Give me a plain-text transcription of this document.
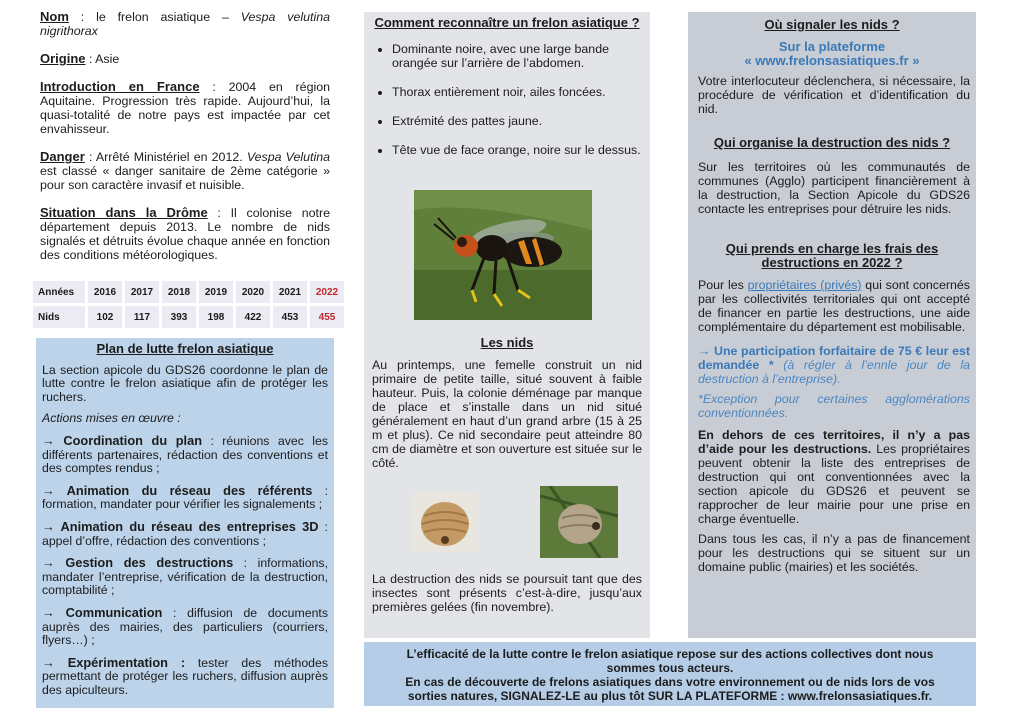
Nom : le frelon asiatique – Vespa velutina nigrithorax
Origine : Asie
Introduction en France : 2004 en région Aquitaine. Progression très rapide. Aujourd’hui, la quasi-totalité de notre pays est impactée par cet envahisseur.
Danger : Arrêté Ministériel en 2012. Vespa Velutina est classé « danger sanitaire de 2ème catégorie » pour son caractère invasif et nuisible.
Situation dans la Drôme : Il colonise notre département depuis 2013. Le nombre de nids signalés et détruits évolue chaque année en fonction des conditions météorologiques.
Années	2016	2017	2018	2019	2020	2021	2022
Nids	102	117	393	198	422	453	455
Plan de lutte frelon asiatique

La section apicole du GDS26 coordonne le plan de lutte contre le frelon asiatique afin de protéger les ruchers.

Actions mises en œuvre :

→ Coordination du plan : réunions avec les différents partenaires, rédaction des conventions et des comptes rendus ;

→ Animation du réseau des référents : formation, mandater pour vérifier les signalements ;

→ Animation du réseau des entreprises 3D : appel d’offre, rédaction des conventions ;

→ Gestion des destructions : informations, mandater l’entreprise, vérification de la destruction, comptabilité ;

→ Communication : diffusion de documents auprès des mairies, des particuliers (courriers, flyers…) ;

→ Expérimentation : tester des méthodes permettant de protéger les ruchers, diffusion auprès des apiculteurs.

Comment reconnaître un frelon asiatique ?
• Dominante noire, avec une large bande orangée sur l’arrière de l’abdomen.
• Thorax entièrement noir, ailes foncées.
• Extrémité des pattes jaune.
• Tête vue de face orange, noire sur le dessus.
Les nids
Au printemps, une femelle construit un nid primaire de petite taille, situé souvent à faible hauteur. Puis, la colonie déménage par manque de place et s’installe dans un nid situé généralement en haut d’un grand arbre (15 à 25 m et plus). Ce nid secondaire peut atteindre 80 cm de diamètre et son ouverture est située sur le côté.
La destruction des nids se poursuit tant que des insectes sont présents c’est-à-dire, jusqu’aux premières gelées (fin novembre).
Où signaler les nids ?
Sur la plateforme
« www.frelonsasiatiques.fr »
Votre interlocuteur déclenchera, si nécessaire, la procédure de vérification et d’identification du nid.
Qui organise la destruction des nids ?
Sur les territoires où les communautés de communes (Agglo) participent financièrement à la destruction, la Section Apicole du GDS26 contacte les entreprises pour détruire les nids.
Qui prends en charge les frais des destructions en 2022 ?
Pour les propriétaires (privés) qui sont concernés par les collectivités territoriales qui ont accepté de financer en partie les destructions, une aide complémentaire du département est mobilisable.
→ Une participation forfaitaire de 75 € leur est demandée * (à régler à l’ennle jour de la destruction à l’entreprise).
*Exception pour certaines agglomérations conventionnées.
En dehors de ces territoires, il n’y a pas d’aide pour les destructions. Les propriétaires peuvent obtenir la liste des entreprises de destruction qui ont conventionnées avec la section apicole du GDS26 et peuvent se rapprocher de leur mairie pour une prise en charge éventuelle.
Dans tous les cas, il n’y a pas de financement pour les destructions qui se situent sur un domaine public (mairies) et les sociétés.
L’efficacité de la lutte contre le frelon asiatique repose sur des actions collectives dont nous sommes tous acteurs.
En cas de découverte de frelons asiatiques dans votre environnement ou de nids lors de vos sorties natures, SIGNALEZ-LE au plus tôt SUR LA PLATEFORME : www.frelonsasiatiques.fr.
